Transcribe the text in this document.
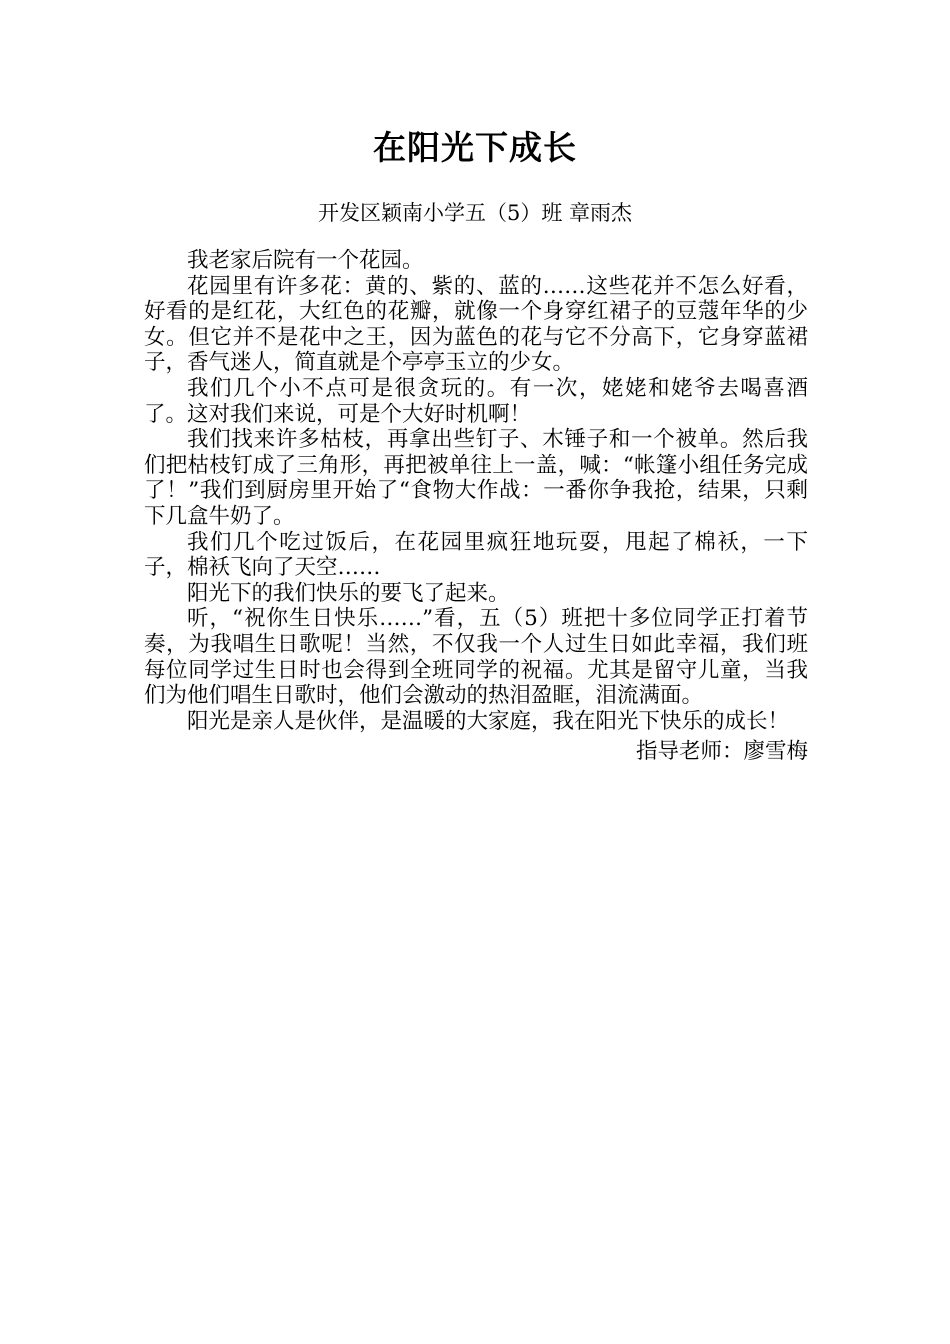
在阳光下成长
开发区颖南小学五（5）班 章雨杰

我老家后院有一个花园。

花园里有许多花：黄的、紫的、蓝的……这些花并不怎么好看，好看的是红花，大红色的花瓣，就像一个身穿红裙子的豆蔻年华的少女。但它并不是花中之王，因为蓝色的花与它不分高下，它身穿蓝裙子，香气迷人，简直就是个亭亭玉立的少女。

我们几个小不点可是很贪玩的。有一次，姥姥和姥爷去喝喜酒了。这对我们来说，可是个大好时机啊！

我们找来许多枯枝，再拿出些钉子、木锤子和一个被单。然后我们把枯枝钉成了三角形，再把被单往上一盖，喊：“帐篷小组任务完成了！”我们到厨房里开始了“食物大作战：一番你争我抢，结果，只剩下几盒牛奶了。

我们几个吃过饭后，在花园里疯狂地玩耍，甩起了棉袄，一下子，棉袄飞向了天空……

阳光下的我们快乐的要飞了起来。

听，“祝你生日快乐……”看，五（5）班把十多位同学正打着节奏，为我唱生日歌呢！当然，不仅我一个人过生日如此幸福，我们班每位同学过生日时也会得到全班同学的祝福。尤其是留守儿童，当我们为他们唱生日歌时，他们会激动的热泪盈眶，泪流满面。

阳光是亲人是伙伴，是温暖的大家庭，我在阳光下快乐的成长！

指导老师：廖雪梅
